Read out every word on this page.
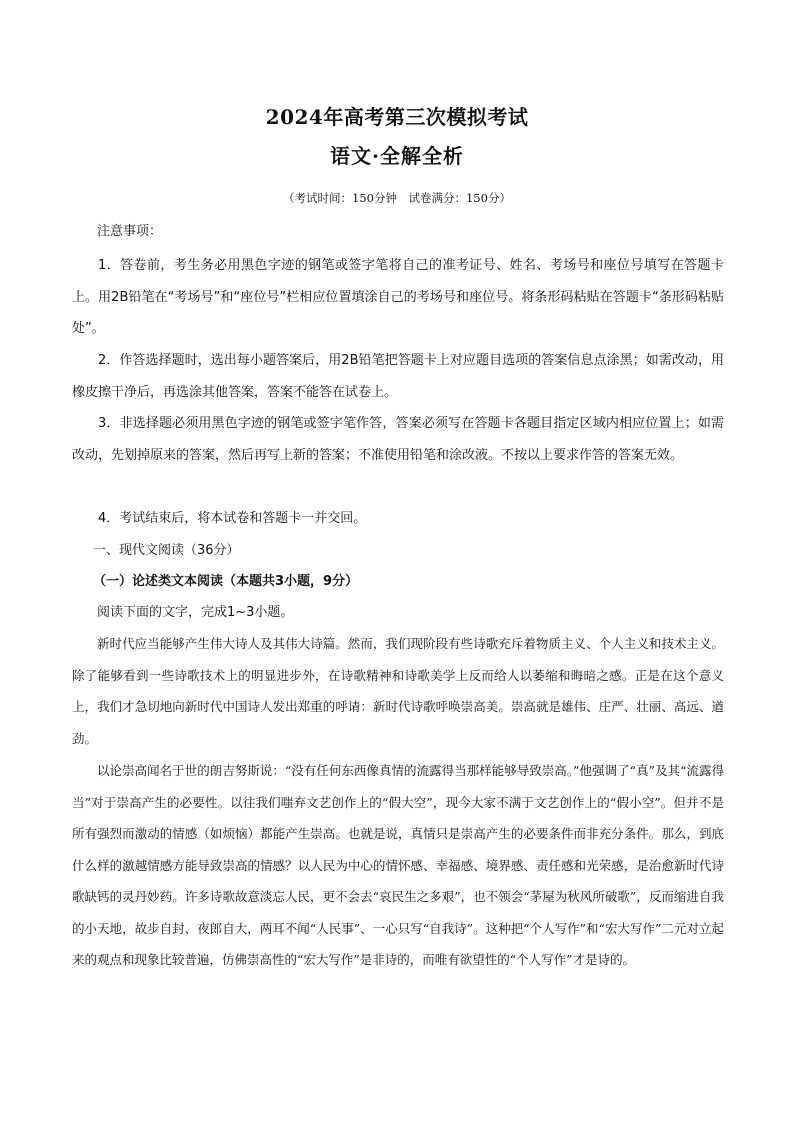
2024年高考第三次模拟考试
语文·全解全析
（考试时间：150分钟　试卷满分：150分）
注意事项：
1．答卷前，考生务必用黑色字迹的钢笔或签字笔将自己的准考证号、姓名、考场号和座位号填写在答题卡上。用2B铅笔在“考场号”和“座位号”栏相应位置填涂自己的考场号和座位号。将条形码粘贴在答题卡“条形码粘贴处”。
2．作答选择题时，选出每小题答案后，用2B铅笔把答题卡上对应题目选项的答案信息点涂黑；如需改动，用橡皮擦干净后，再选涂其他答案，答案不能答在试卷上。
3．非选择题必须用黑色字迹的钢笔或签字笔作答，答案必须写在答题卡各题目指定区域内相应位置上；如需改动，先划掉原来的答案，然后再写上新的答案；不准使用铅笔和涂改液。不按以上要求作答的答案无效。
4．考试结束后，将本试卷和答题卡一并交回。
一、现代文阅读（36分）
（一）论述类文本阅读（本题共3小题，9分）
阅读下面的文字，完成1~3小题。
新时代应当能够产生伟大诗人及其伟大诗篇。然而，我们现阶段有些诗歌充斥着物质主义、个人主义和技术主义。除了能够看到一些诗歌技术上的明显进步外，在诗歌精神和诗歌美学上反而给人以萎缩和晦暗之感。正是在这个意义上，我们才急切地向新时代中国诗人发出郑重的呼请：新时代诗歌呼唤崇高美。崇高就是雄伟、庄严、壮丽、高远、遒劲。
以论崇高闻名于世的朗吉努斯说：“没有任何东西像真情的流露得当那样能够导致崇高。”他强调了“真”及其“流露得当”对于崇高产生的必要性。以往我们嗤弃文艺创作上的“假大空”，现今大家不满于文艺创作上的“假小空”。但并不是所有强烈而激动的情感（如烦恼）都能产生崇高。也就是说，真情只是崇高产生的必要条件而非充分条件。那么，到底什么样的激越情感方能导致崇高的情感？以人民为中心的情怀感、幸福感、境界感、责任感和光荣感，是治愈新时代诗歌缺钙的灵丹妙药。许多诗歌故意淡忘人民，更不会去“哀民生之多艰”，也不领会“茅屋为秋风所破歌”，反而缩进自我的小天地，故步自封、夜郎自大，两耳不闻“人民事”、一心只写“自我诗”。这种把“个人写作”和“宏大写作”二元对立起来的观点和现象比较普遍，仿佛崇高性的“宏大写作”是非诗的，而唯有欲望性的“个人写作”才是诗的。
